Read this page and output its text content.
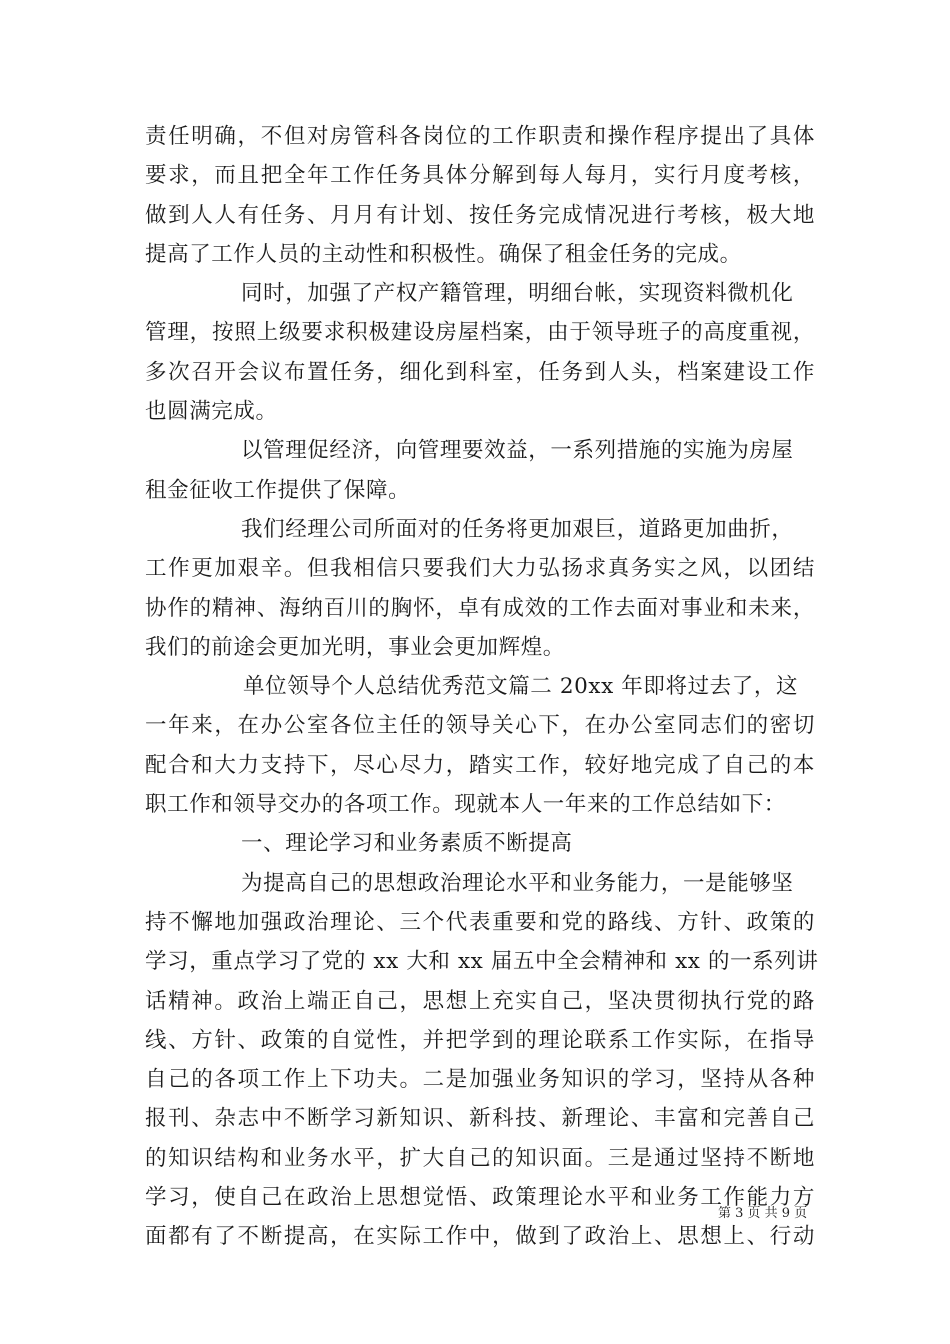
责任明确，不但对房管科各岗位的工作职责和操作程序提出了具体
要求，而且把全年工作任务具体分解到每人每月，实行月度考核，
做到人人有任务、月月有计划、按任务完成情况进行考核，极大地
提高了工作人员的主动性和积极性。确保了租金任务的完成。
同时，加强了产权产籍管理，明细台帐，实现资料微机化
管理，按照上级要求积极建设房屋档案，由于领导班子的高度重视，
多次召开会议布置任务，细化到科室，任务到人头，档案建设工作
也圆满完成。
以管理促经济，向管理要效益，一系列措施的实施为房屋
租金征收工作提供了保障。
我们经理公司所面对的任务将更加艰巨，道路更加曲折，
工作更加艰辛。但我相信只要我们大力弘扬求真务实之风，以团结
协作的精神、海纳百川的胸怀，卓有成效的工作去面对事业和未来，
我们的前途会更加光明，事业会更加辉煌。
单位领导个人总结优秀范文篇二 20xx 年即将过去了，这
一年来，在办公室各位主任的领导关心下，在办公室同志们的密切
配合和大力支持下，尽心尽力，踏实工作，较好地完成了自己的本
职工作和领导交办的各项工作。现就本人一年来的工作总结如下：
一、理论学习和业务素质不断提高
为提高自己的思想政治理论水平和业务能力，一是能够坚
持不懈地加强政治理论、三个代表重要和党的路线、方针、政策的
学习，重点学习了党的 xx 大和 xx 届五中全会精神和 xx 的一系列讲
话精神。政治上端正自己，思想上充实自己，坚决贯彻执行党的路
线、方针、政策的自觉性，并把学到的理论联系工作实际，在指导
自己的各项工作上下功夫。二是加强业务知识的学习，坚持从各种
报刊、杂志中不断学习新知识、新科技、新理论、丰富和完善自己
的知识结构和业务水平，扩大自己的知识面。三是通过坚持不断地
学习，使自己在政治上思想觉悟、政策理论水平和业务工作能力方
面都有了不断提高，在实际工作中，做到了政治上、思想上、行动
第 3 页 共 9 页
